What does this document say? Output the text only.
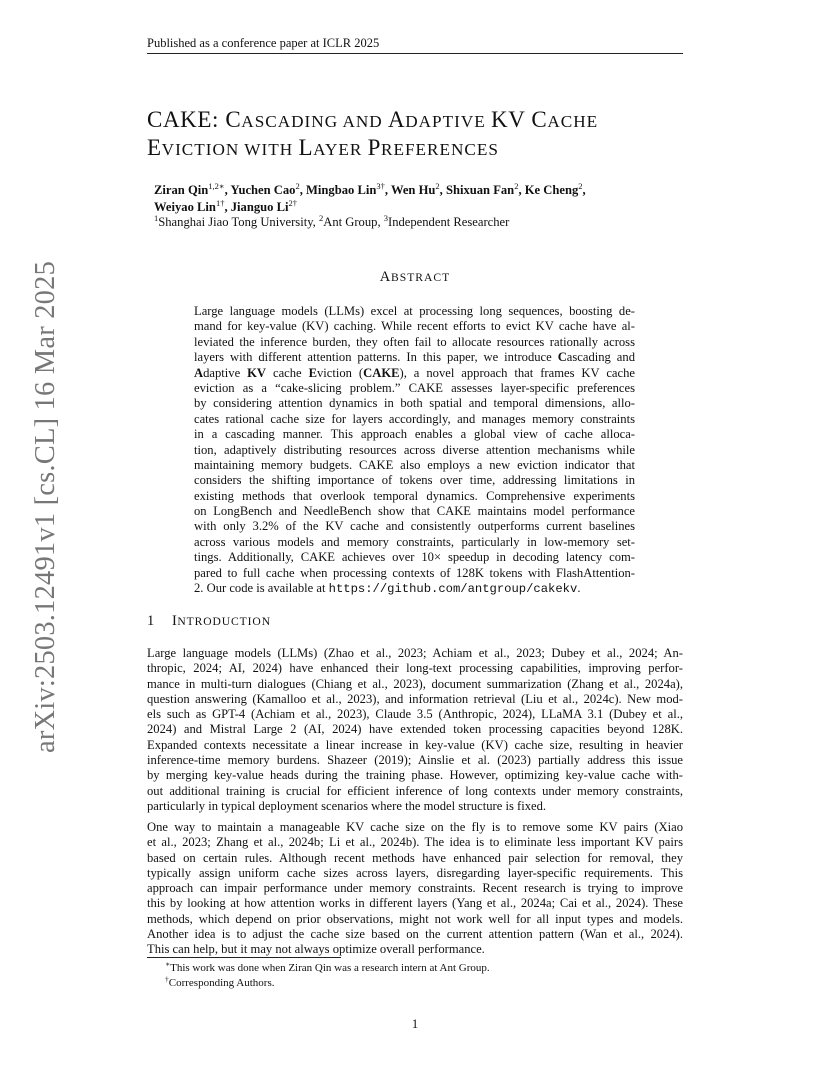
Published as a conference paper at ICLR 2025
arXiv:2503.12491v1 [cs.CL] 16 Mar 2025
CAKE: CASCADING AND ADAPTIVE KV CACHE
EVICTION WITH LAYER PREFERENCES
Ziran Qin$^{1,2∗}$, Yuchen Cao$^2$, Mingbao Lin$^{3\dagger}$, Wen Hu$^2$, Shixuan Fan$^2$, Ke Cheng$^2$,
Weiyao Lin$^{1\dagger}$, Jianguo $Li^{2\dagger}$
$^1$Shanghai Jiao Tong University, $^2$Ant Group, $^3$Independent Researcher
ABSTRACT
Large language models (LLMs) excel at processing long sequences, boosting de-
mand for key-value (KV) caching. While recent efforts to evict KV cache have al-
leviated the inference burden, they often fail to allocate resources rationally across
layers with different attention patterns. In this paper, we introduce Cascading and
Adaptive KV cache Eviction (CAKE), a novel approach that frames KV cache
eviction as a “cake-slicing problem.” CAKE assesses layer-specific preferences
by considering attention dynamics in both spatial and temporal dimensions, allo-
cates rational cache size for layers accordingly, and manages memory constraints
in a cascading manner. This approach enables a global view of cache alloca-
tion, adaptively distributing resources across diverse attention mechanisms while
maintaining memory budgets. CAKE also employs a new eviction indicator that
considers the shifting importance of tokens over time, addressing limitations in
existing methods that overlook temporal dynamics. Comprehensive experiments
on LongBench and NeedleBench show that CAKE maintains model performance
with only 3.2% of the KV cache and consistently outperforms current baselines
across various models and memory constraints, particularly in low-memory set-
tings. Additionally, CAKE achieves over 10× speedup in decoding latency com-
pared to full cache when processing contexts of 128K tokens with FlashAttention-
2. Our code is available at https://github.com/antgroup/cakekv.
1 INTRODUCTION
Large language models (LLMs) (Zhao et al., 2023; Achiam et al., 2023; Dubey et al., 2024; An-
thropic, 2024; AI, 2024) have enhanced their long-text processing capabilities, improving perfor-
mance in multi-turn dialogues (Chiang et al., 2023), document summarization (Zhang et al., 2024a),
question answering (Kamalloo et al., 2023), and information retrieval (Liu et al., 2024c). New mod-
els such as GPT-4 (Achiam et al., 2023), Claude 3.5 (Anthropic, 2024), LLaMA 3.1 (Dubey et al.,
2024) and Mistral Large 2 (AI, 2024) have extended token processing capacities beyond 128K.
Expanded contexts necessitate a linear increase in key-value (KV) cache size, resulting in heavier
inference-time memory burdens. Shazeer (2019); Ainslie et al. (2023) partially address this issue
by merging key-value heads during the training phase. However, optimizing key-value cache with-
out additional training is crucial for efficient inference of long contexts under memory constraints,
particularly in typical deployment scenarios where the model structure is fixed.
One way to maintain a manageable KV cache size on the fly is to remove some KV pairs (Xiao
et al., 2023; Zhang et al., 2024b; Li et al., 2024b). The idea is to eliminate less important KV pairs
based on certain rules. Although recent methods have enhanced pair selection for removal, they
typically assign uniform cache sizes across layers, disregarding layer-specific requirements. This
approach can impair performance under memory constraints. Recent research is trying to improve
this by looking at how attention works in different layers (Yang et al., 2024a; Cai et al., 2024). These
methods, which depend on prior observations, might not work well for all input types and models.
Another idea is to adjust the cache size based on the current attention pattern (Wan et al., 2024).
This can help, but it may not always optimize overall performance.
∗This work was done when Ziran Qin was a research intern at Ant Group.
†Corresponding Authors.
1
